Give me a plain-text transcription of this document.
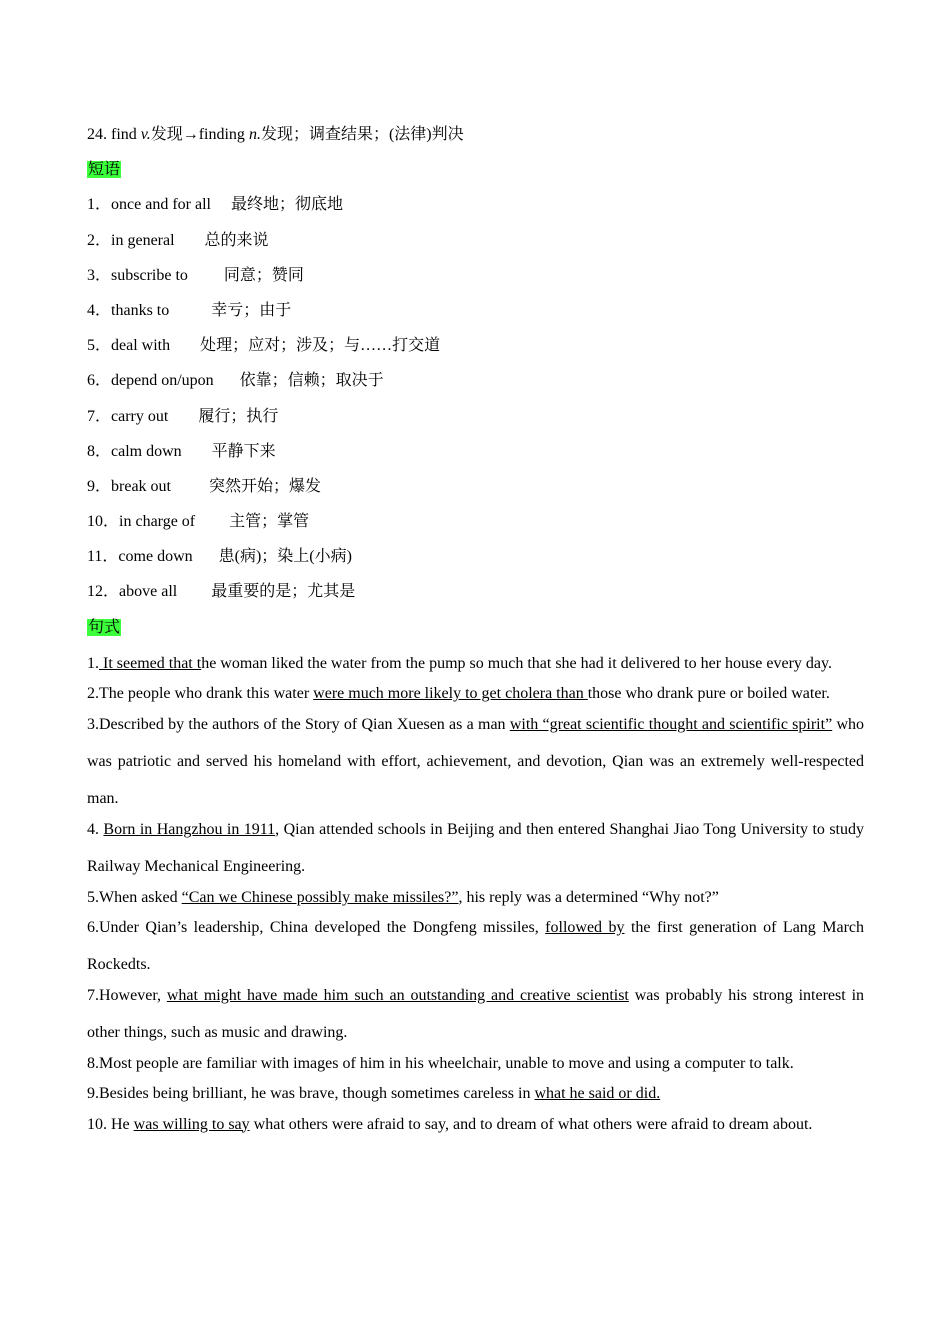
24. find v.发现→finding n.发现；调查结果；(法律)判决
短语
1．once and for all 最终地；彻底地
2．in general 总的来说
3．subscribe to 同意；赞同
4．thanks to	幸亏；由于
5．deal with 处理；应对；涉及；与……打交道
6．depend on/upon 依靠；信赖；取决于
7．carry out 履行；执行
8．calm down 平静下来
9．break out 突然开始；爆发
10．in charge of 主管；掌管
11．come down 患(病)；染上(小病)
12．above all 最重要的是；尤其是
句式
1. It seemed that the woman liked the water from the pump so much that she had it delivered to her house every day.
2.The people who drank this water were much more likely to get cholera than those who drank pure or boiled water.
3.Described by the authors of the Story of Qian Xuesen as a man with “great scientific thought and scientific spirit” who was patriotic and served his homeland with effort, achievement, and devotion, Qian was an extremely well-respected man.
4. Born in Hangzhou in 1911, Qian attended schools in Beijing and then entered Shanghai Jiao Tong University to study Railway Mechanical Engineering.
5.When asked “Can we Chinese possibly make missiles?”, his reply was a determined “Why not?”
6.Under Qian’s leadership, China developed the Dongfeng missiles, followed by the first generation of Lang March Rockedts.
7.However, what might have made him such an outstanding and creative scientist was probably his strong interest in other things, such as music and drawing.
8.Most people are familiar with images of him in his wheelchair, unable to move and using a computer to talk.
9.Besides being brilliant, he was brave, though sometimes careless in what he said or did.
10. He was willing to say what others were afraid to say, and to dream of what others were afraid to dream about.
